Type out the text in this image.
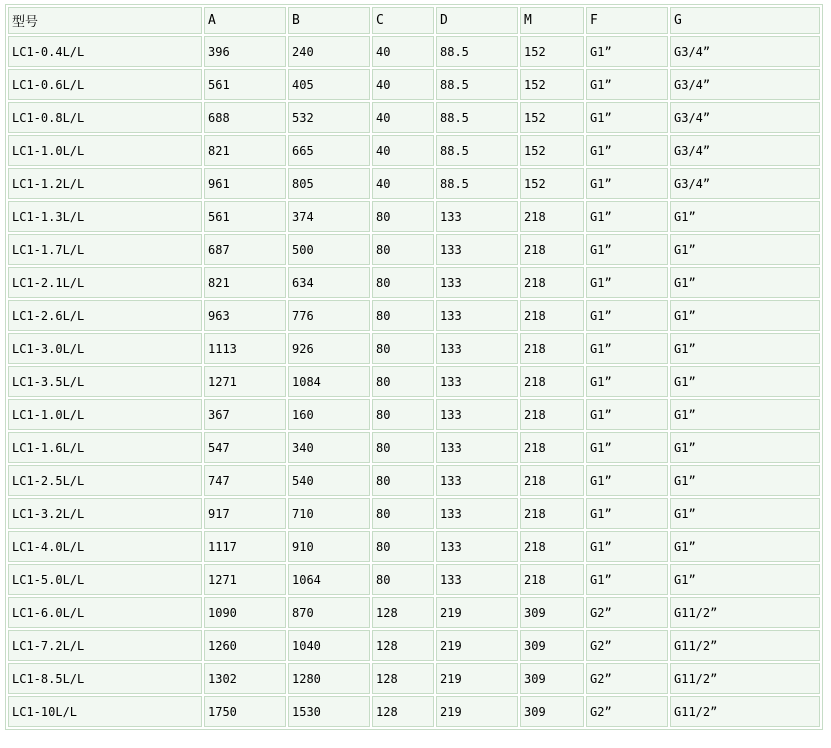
型号	A	B	C	D	M	F	G
LC1-0.4L/L	396	240	40	88.5	152	G1”	G3/4”
LC1-0.6L/L	561	405	40	88.5	152	G1”	G3/4”
LC1-0.8L/L	688	532	40	88.5	152	G1”	G3/4”
LC1-1.0L/L	821	665	40	88.5	152	G1”	G3/4”
LC1-1.2L/L	961	805	40	88.5	152	G1”	G3/4”
LC1-1.3L/L	561	374	80	133	218	G1”	G1”
LC1-1.7L/L	687	500	80	133	218	G1”	G1”
LC1-2.1L/L	821	634	80	133	218	G1”	G1”
LC1-2.6L/L	963	776	80	133	218	G1”	G1”
LC1-3.0L/L	1113	926	80	133	218	G1”	G1”
LC1-3.5L/L	1271	1084	80	133	218	G1”	G1”
LC1-1.0L/L	367	160	80	133	218	G1”	G1”
LC1-1.6L/L	547	340	80	133	218	G1”	G1”
LC1-2.5L/L	747	540	80	133	218	G1”	G1”
LC1-3.2L/L	917	710	80	133	218	G1”	G1”
LC1-4.0L/L	1117	910	80	133	218	G1”	G1”
LC1-5.0L/L	1271	1064	80	133	218	G1”	G1”
LC1-6.0L/L	1090	870	128	219	309	G2”	G11/2”
LC1-7.2L/L	1260	1040	128	219	309	G2”	G11/2”
LC1-8.5L/L	1302	1280	128	219	309	G2”	G11/2”
LC1-10L/L	1750	1530	128	219	309	G2”	G11/2”
